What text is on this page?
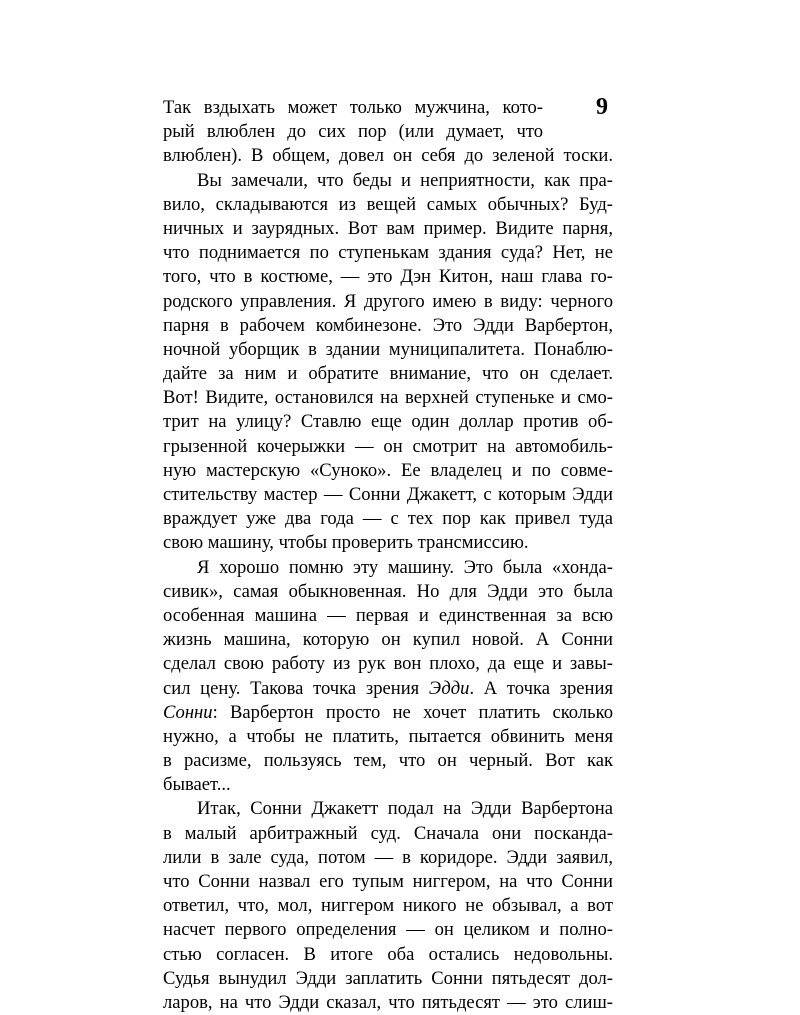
9
Так вздыхать может только мужчина, кото-
рый влюблен до сих пор (или думает, что
влюблен). В общем, довел он себя до зеленой тоски.
Вы замечали, что беды и неприятности, как пра-
вило, складываются из вещей самых обычных? Буд-
ничных и заурядных. Вот вам пример. Видите парня,
что поднимается по ступенькам здания суда? Нет, не
того, что в костюме, — это Дэн Китон, наш глава го-
родского управления. Я другого имею в виду: черного
парня в рабочем комбинезоне. Это Эдди Варбертон,
ночной уборщик в здании муниципалитета. Понаблю-
дайте за ним и обратите внимание, что он сделает.
Вот! Видите, остановился на верхней ступеньке и смо-
трит на улицу? Ставлю еще один доллар против об-
грызенной кочерыжки — он смотрит на автомобиль-
ную мастерскую «Суноко». Ее владелец и по совме-
стительству мастер — Сонни Джакетт, с которым Эдди
враждует уже два года — с тех пор как привел туда
свою машину, чтобы проверить трансмиссию.
Я хорошо помню эту машину. Это была «хонда-
сивик», самая обыкновенная. Но для Эдди это была
особенная машина — первая и единственная за всю
жизнь машина, которую он купил новой. А Сонни
сделал свою работу из рук вон плохо, да еще и завы-
сил цену. Такова точка зрения Эдди. А точка зрения
Сонни: Варбертон просто не хочет платить сколько
нужно, а чтобы не платить, пытается обвинить меня
в расизме, пользуясь тем, что он черный. Вот как
бывает...
Итак, Сонни Джакетт подал на Эдди Варбертона
в малый арбитражный суд. Сначала они поскандa-
лили в зале суда, потом — в коридоре. Эдди заявил,
что Сонни назвал его тупым ниггером, на что Сонни
ответил, что, мол, ниггером никого не обзывал, а вот
насчет первого определения — он целиком и полно-
стью согласен. В итоге оба остались недовольны.
Судья вынудил Эдди заплатить Сонни пятьдесят дол-
ларов, на что Эдди сказал, что пятьдесят — это слиш-
